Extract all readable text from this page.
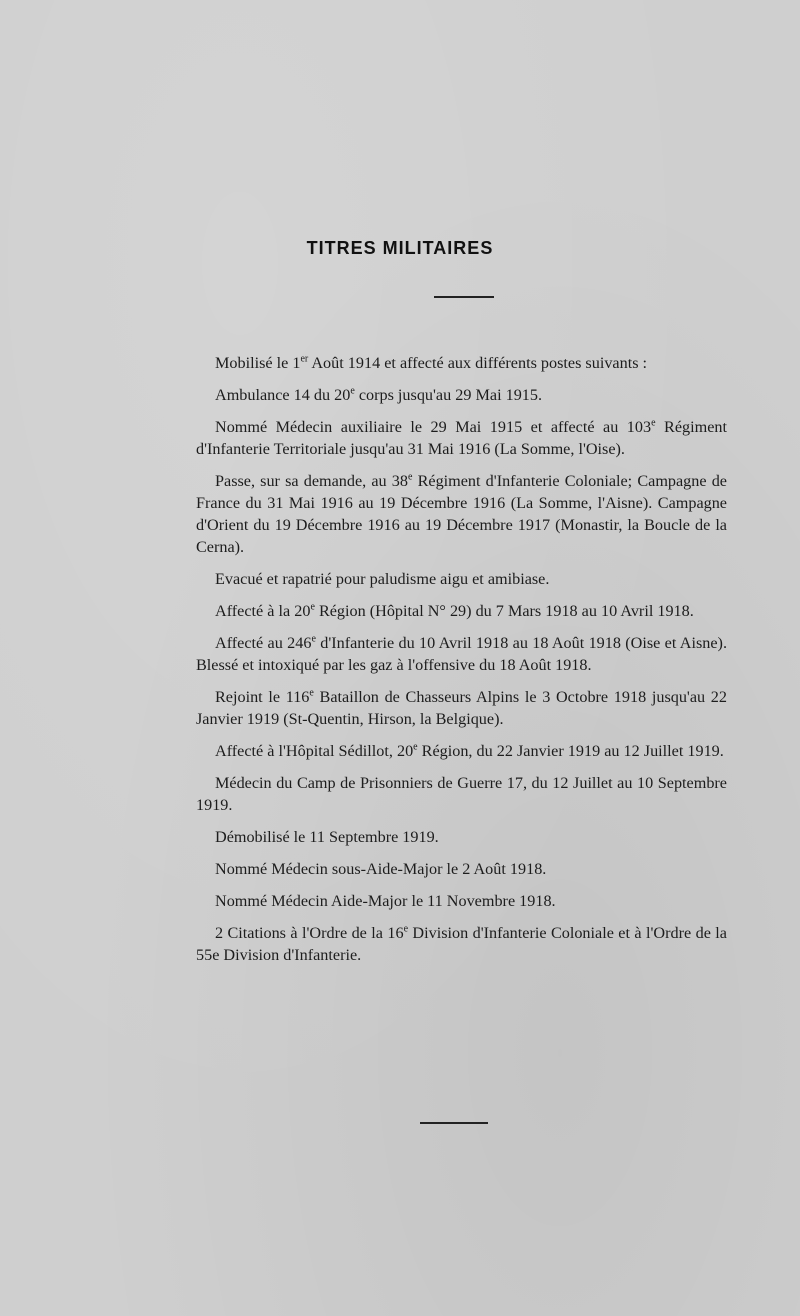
TITRES MILITAIRES

Mobilisé le 1er Août 1914 et affecté aux différents postes suivants :

Ambulance 14 du 20e corps jusqu'au 29 Mai 1915.

Nommé Médecin auxiliaire le 29 Mai 1915 et affecté au 103e Régiment d'Infanterie Territoriale jusqu'au 31 Mai 1916 (La Somme, l'Oise).

Passe, sur sa demande, au 38e Régiment d'Infanterie Coloniale; Campagne de France du 31 Mai 1916 au 19 Décembre 1916 (La Somme, l'Aisne). Campagne d'Orient du 19 Décembre 1916 au 19 Décembre 1917 (Monastir, la Boucle de la Cerna).

Evacué et rapatrié pour paludisme aigu et amibiase.

Affecté à la 20e Région (Hôpital N° 29) du 7 Mars 1918 au 10 Avril 1918.

Affecté au 246e d'Infanterie du 10 Avril 1918 au 18 Août 1918 (Oise et Aisne). Blessé et intoxiqué par les gaz à l'offensive du 18 Août 1918.

Rejoint le 116e Bataillon de Chasseurs Alpins le 3 Octobre 1918 jusqu'au 22 Janvier 1919 (St-Quentin, Hirson, la Belgique).

Affecté à l'Hôpital Sédillot, 20e Région, du 22 Janvier 1919 au 12 Juillet 1919.

Médecin du Camp de Prisonniers de Guerre 17, du 12 Juillet au 10 Septembre 1919.

Démobilisé le 11 Septembre 1919.

Nommé Médecin sous-Aide-Major le 2 Août 1918.

Nommé Médecin Aide-Major le 11 Novembre 1918.

2 Citations à l'Ordre de la 16e Division d'Infanterie Coloniale et à l'Ordre de la 55e Division d'Infanterie.
